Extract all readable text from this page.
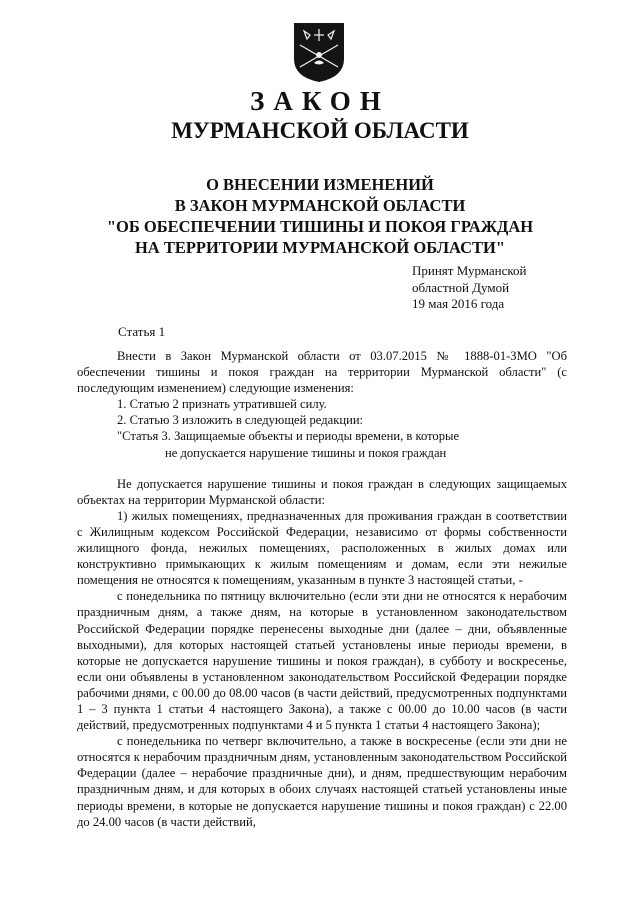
ЗАКОН
МУРМАНСКОЙ ОБЛАСТИ
О ВНЕСЕНИИ ИЗМЕНЕНИЙ
В ЗАКОН МУРМАНСКОЙ ОБЛАСТИ
"ОБ ОБЕСПЕЧЕНИИ ТИШИНЫ И ПОКОЯ ГРАЖДАН
НА ТЕРРИТОРИИ МУРМАНСКОЙ ОБЛАСТИ"
Принят Мурманской
областной Думой
19 мая 2016 года
Статья 1

Внести в Закон Мурманской области от 03.07.2015 № 1888-01-ЗМО "Об обеспечении тишины и покоя граждан на территории Мурманской области" (с последующим изменением) следующие изменения:

1. Статью 2 признать утратившей силу.

2. Статью 3 изложить в следующей редакции:

"Статья 3. Защищаемые объекты и периоды времени, в которые
не допускается нарушение тишины и покоя граждан

Не допускается нарушение тишины и покоя граждан в следующих защищаемых объектах на территории Мурманской области:

1) жилых помещениях, предназначенных для проживания граждан в соответствии с Жилищным кодексом Российской Федерации, независимо от формы собственности жилищного фонда, нежилых помещениях, расположенных в жилых домах или конструктивно примыкающих к жилым помещениям и домам, если эти нежилые помещения не относятся к помещениям, указанным в пункте 3 настоящей статьи, -

с понедельника по пятницу включительно (если эти дни не относятся к нерабочим праздничным дням, а также дням, на которые в установленном законодательством Российской Федерации порядке перенесены выходные дни (далее – дни, объявленные выходными), для которых настоящей статьей установлены иные периоды времени, в которые не допускается нарушение тишины и покоя граждан), в субботу и воскресенье, если они объявлены в установленном законодательством Российской Федерации порядке рабочими днями, с 00.00 до 08.00 часов (в части действий, предусмотренных подпунктами 1 – 3 пункта 1 статьи 4 настоящего Закона), а также с 00.00 до 10.00 часов (в части действий, предусмотренных подпунктами 4 и 5 пункта 1 статьи 4 настоящего Закона);

с понедельника по четверг включительно, а также в воскресенье (если эти дни не относятся к нерабочим праздничным дням, установленным законодательством Российской Федерации (далее – нерабочие праздничные дни), и дням, предшествующим нерабочим праздничным дням, и для которых в обоих случаях настоящей статьей установлены иные периоды времени, в которые не допускается нарушение тишины и покоя граждан) с 22.00 до 24.00 часов (в части действий,
